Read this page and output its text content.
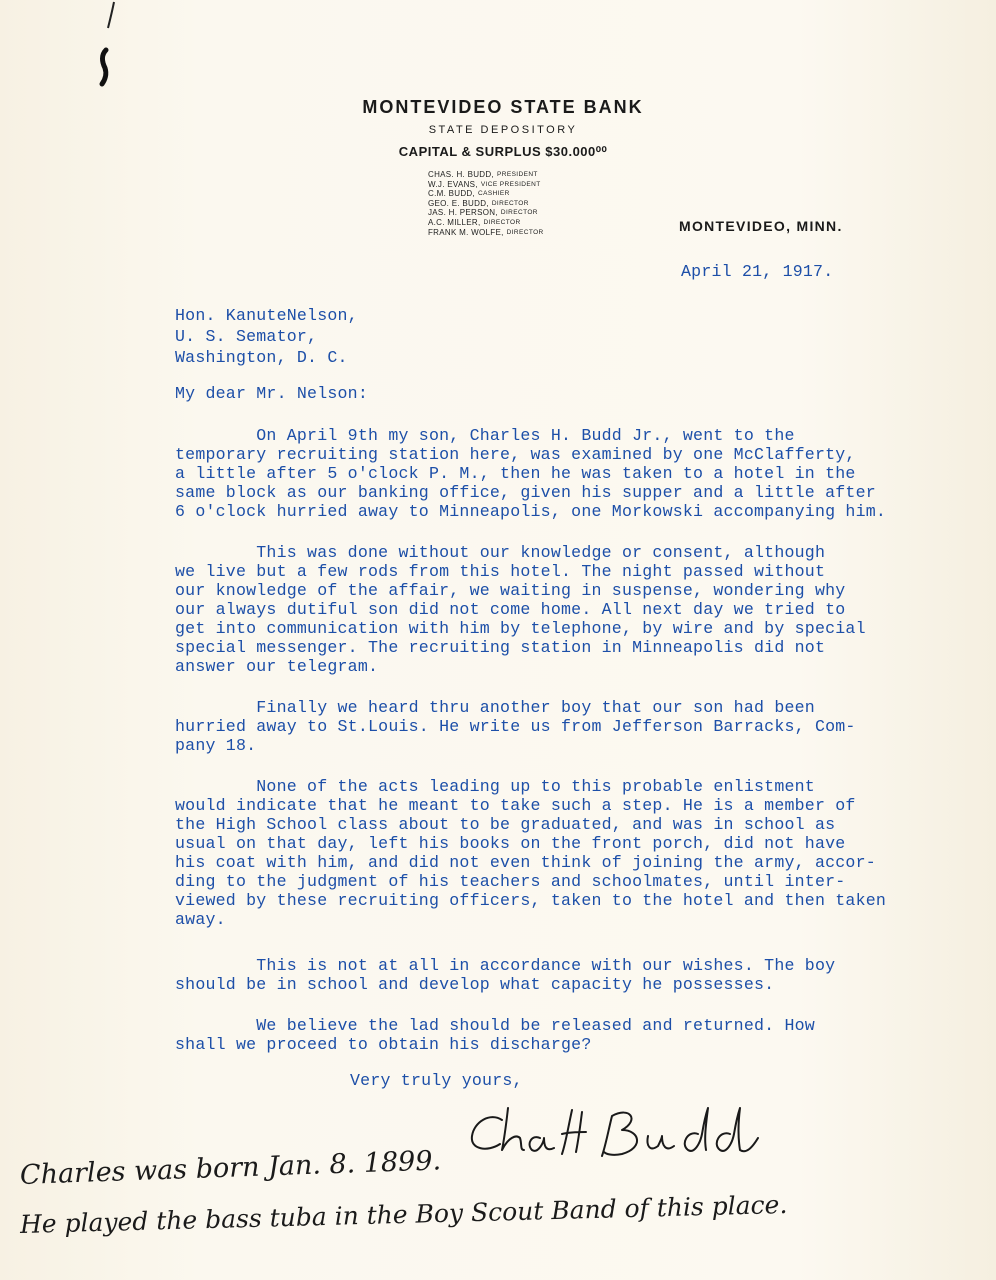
MONTEVIDEO STATE BANK
STATE DEPOSITORY
CAPITAL & SURPLUS $30.000⁰⁰
CHAS. H. BUDD, PRESIDENT
W.J. EVANS, VICE PRESIDENT
C.M. BUDD, CASHIER
GEO. E. BUDD, DIRECTOR
JAS. H. PERSON, DIRECTOR
A.C. MILLER, DIRECTOR
FRANK M. WOLFE, DIRECTOR	MONTEVIDEO, MINN.
April 21, 1917.
Hon. KanuteNelson,
U. S. Semator,
Washington, D. C.
My dear Mr. Nelson:
On April 9th my son, Charles H. Budd Jr., went to the
temporary recruiting station here, was examined by one McClafferty,
a little after 5 o'clock P. M., then he was taken to a hotel in the
same block as our banking office, given his supper and a little after
6 o'clock hurried away to Minneapolis, one Morkowski accompanying him.
This was done without our knowledge or consent, although
we live but a few rods from this hotel. The night passed without
our knowledge of the affair, we waiting in suspense, wondering why
our always dutiful son did not come home. All next day we tried to
get into communication with him by telephone, by wire and by special
special messenger. The recruiting station in Minneapolis did not
answer our telegram.
Finally we heard thru another boy that our son had been
hurried away to St.Louis. He write us from Jefferson Barracks, Com-
pany 18.
None of the acts leading up to this probable enlistment
would indicate that he meant to take such a step. He is a member of
the High School class about to be graduated, and was in school as
usual on that day, left his books on the front porch, did not have
his coat with him, and did not even think of joining the army, accor-
ding to the judgment of his teachers and schoolmates, until inter-
viewed by these recruiting officers, taken to the hotel and then taken
away.
This is not at all in accordance with our wishes. The boy
should be in school and develop what capacity he possesses.
We believe the lad should be released and returned. How
shall we proceed to obtain his discharge?
Very truly yours,
Charles was born Jan. 8. 1899.
He played the bass tuba in the Boy Scout Band of this place.
